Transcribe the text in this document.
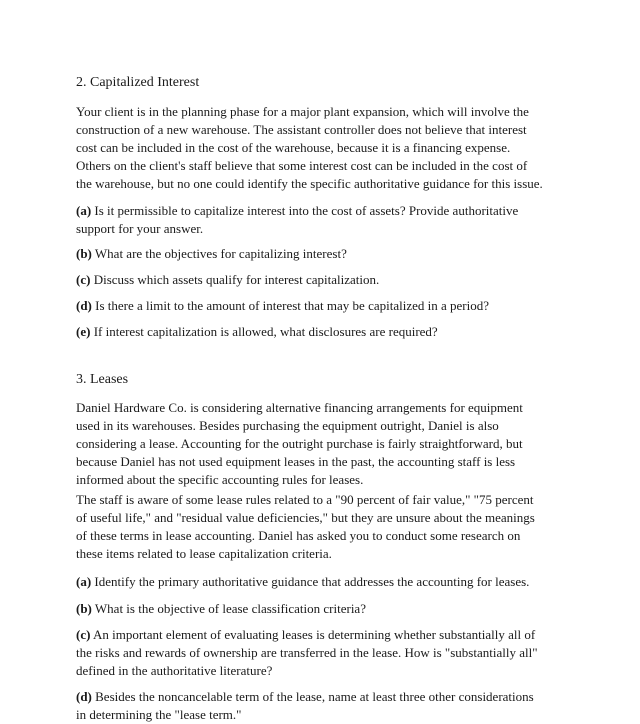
2. Capitalized Interest
Your client is in the planning phase for a major plant expansion, which will involve the
construction of a new warehouse. The assistant controller does not believe that interest
cost can be included in the cost of the warehouse, because it is a financing expense.
Others on the client's staff believe that some interest cost can be included in the cost of
the warehouse, but no one could identify the specific authoritative guidance for this issue.
(a) Is it permissible to capitalize interest into the cost of assets? Provide authoritative
support for your answer.
(b) What are the objectives for capitalizing interest?
(c) Discuss which assets qualify for interest capitalization.
(d) Is there a limit to the amount of interest that may be capitalized in a period?
(e) If interest capitalization is allowed, what disclosures are required?
3. Leases
Daniel Hardware Co. is considering alternative financing arrangements for equipment
used in its warehouses. Besides purchasing the equipment outright, Daniel is also
considering a lease. Accounting for the outright purchase is fairly straightforward, but
because Daniel has not used equipment leases in the past, the accounting staff is less
informed about the specific accounting rules for leases.
The staff is aware of some lease rules related to a "90 percent of fair value," "75 percent
of useful life," and "residual value deficiencies," but they are unsure about the meanings
of these terms in lease accounting. Daniel has asked you to conduct some research on
these items related to lease capitalization criteria.
(a) Identify the primary authoritative guidance that addresses the accounting for leases.
(b) What is the objective of lease classification criteria?
(c) An important element of evaluating leases is determining whether substantially all of
the risks and rewards of ownership are transferred in the lease. How is "substantially all"
defined in the authoritative literature?
(d) Besides the noncancelable term of the lease, name at least three other considerations
in determining the "lease term."
